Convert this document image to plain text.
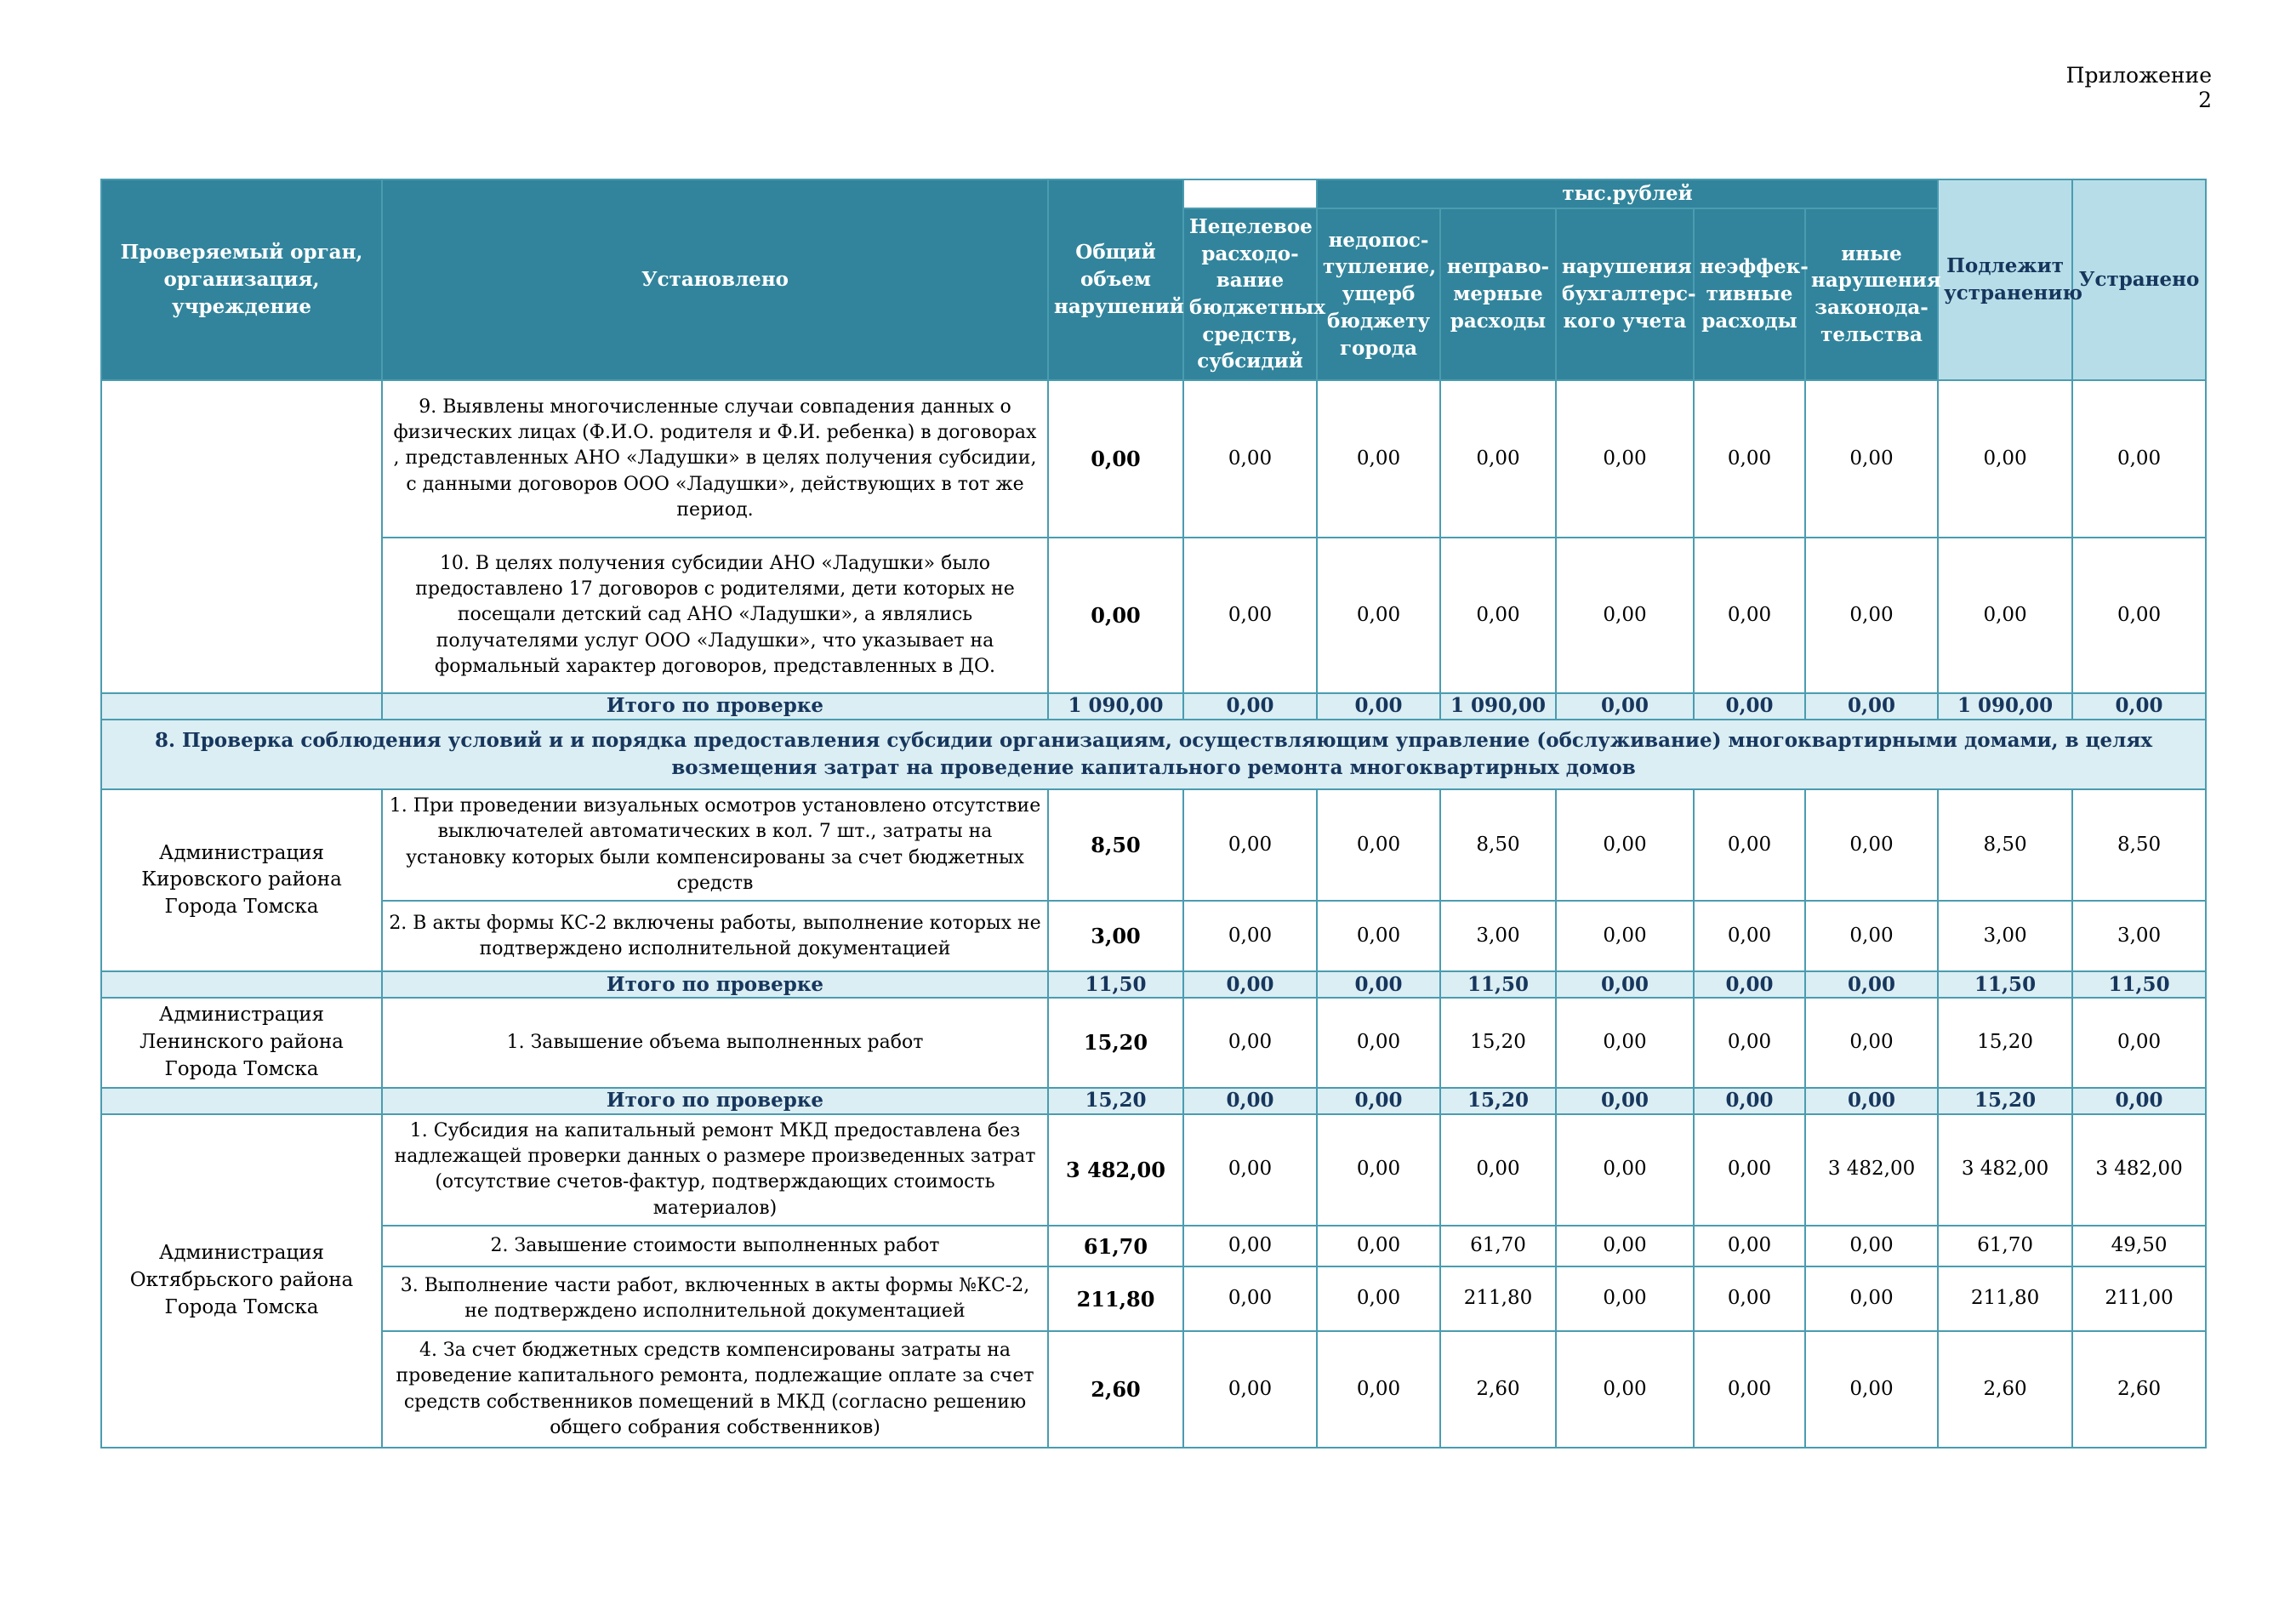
Приложение 2
Проверяемый орган, организация, учреждение	Установлено	Общий объем нарушений		тыс.рублей					Подлежит устранению	Устранено
			Нецелевое расходо-вание бюджетных средств, субсидий	недопос-тупление, ущерб бюджету города	неправо-мерные расходы	нарушения бухгалтерс-кого учета	неэффек-тивные расходы	иные нарушения законода-тельства		
	9. Выявлены многочисленные случаи совпадения данных о физических лицах (Ф.И.О. родителя и Ф.И. ребенка) в договорах , представленных АНО «Ладушки» в целях получения субсидии, с данными договоров ООО «Ладушки», действующих в тот же период.	0,00	0,00	0,00	0,00	0,00	0,00	0,00	0,00	0,00
	10. В целях получения субсидии АНО «Ладушки» было предоставлено 17 договоров с родителями, дети которых не посещали детский сад АНО «Ладушки», а являлись получателями услуг ООО «Ладушки», что указывает на формальный характер договоров, представленных в ДО.	0,00	0,00	0,00	0,00	0,00	0,00	0,00	0,00	0,00
	Итого по проверке	1 090,00	0,00	0,00	1 090,00	0,00	0,00	0,00	1 090,00	0,00
8. Проверка соблюдения условий и и порядка предоставления субсидии организациям, осуществляющим управление (обслуживание) многоквартирными домами, в целях возмещения затрат на проведение капитального ремонта многоквартирных домов										
Администрация Кировского района Города Томска	1. При проведении визуальных осмотров установлено отсутствие выключателей автоматических в кол. 7 шт., затраты на установку которых были компенсированы за счет бюджетных средств	8,50	0,00	0,00	8,50	0,00	0,00	0,00	8,50	8,50
	2. В акты формы КС-2 включены работы, выполнение которых не подтверждено исполнительной документацией	3,00	0,00	0,00	3,00	0,00	0,00	0,00	3,00	3,00
	Итого по проверке	11,50	0,00	0,00	11,50	0,00	0,00	0,00	11,50	11,50
Администрация Ленинского района Города Томска	1. Завышение объема выполненных работ	15,20	0,00	0,00	15,20	0,00	0,00	0,00	15,20	0,00
	Итого по проверке	15,20	0,00	0,00	15,20	0,00	0,00	0,00	15,20	0,00
Администрация Октябрьского района Города Томска	1. Субсидия на капитальный ремонт МКД предоставлена без надлежащей проверки данных о размере произведенных затрат (отсутствие счетов-фактур, подтверждающих стоимость материалов)	3 482,00	0,00	0,00	0,00	0,00	0,00	3 482,00	3 482,00	3 482,00
	2. Завышение стоимости выполненных работ	61,70	0,00	0,00	61,70	0,00	0,00	0,00	61,70	49,50
	3. Выполнение части работ, включенных в акты формы №КС-2, не подтверждено исполнительной документацией	211,80	0,00	0,00	211,80	0,00	0,00	0,00	211,80	211,00
	4. За счет бюджетных средств компенсированы затраты на проведение капитального ремонта, подлежащие оплате за счет средств собственников помещений в МКД (согласно решению общего собрания собственников)	2,60	0,00	0,00	2,60	0,00	0,00	0,00	2,60	2,60
